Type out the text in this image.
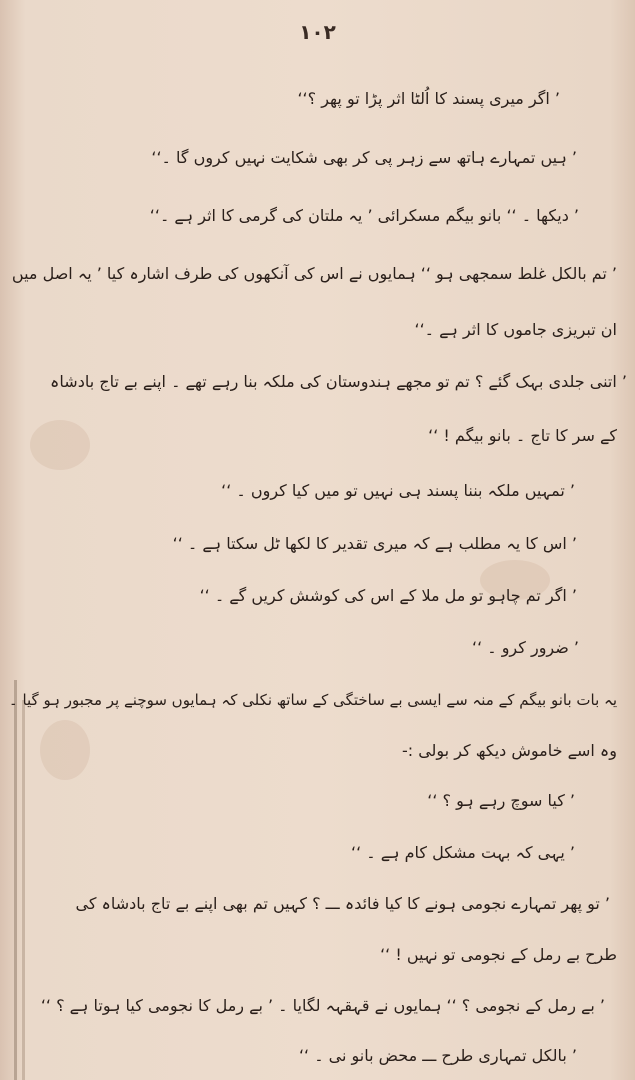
۱۰۲
’ اگر میری پسند کا اُلٹا اثر پڑا تو پھر ؟‘‘
’ ہیں تمہارے ہاتھ سے زہر پی کر بھی شکایت نہیں کروں گا ۔‘‘
’ دیکھا ۔ ‘‘ بانو بیگم مسکرائی ’ یہ ملتان کی گرمی کا اثر ہے ۔‘‘
’ تم بالکل غلط سمجھی ہو ‘‘ ہمایوں نے اس کی آنکھوں کی طرف اشارہ کیا ’ یہ اصل میں
ان تبریزی جاموں کا اثر ہے ۔‘‘
’ اتنی جلدی بہک گئے ؟ تم تو مجھے ہندوستان کی ملکہ بنا رہے تھے ۔ اپنے بے تاج بادشاہ
کے سر کا تاج ۔ بانو بیگم ! ‘‘
’ تمہیں ملکہ بننا پسند ہی نہیں تو میں کیا کروں ۔ ‘‘
’ اس کا یہ مطلب ہے کہ میری تقدیر کا لکھا ٹل سکتا ہے ۔ ‘‘
’ اگر تم چاہو تو مل ملا کے اس کی کوشش کریں گے ۔ ‘‘
’ ضرور کرو ۔ ‘‘
یہ بات بانو بیگم کے منہ سے ایسی بے ساختگی کے ساتھ نکلی کہ ہمایوں سوچنے پر مجبور ہو گیا ۔
وہ اسے خاموش دیکھ کر بولی :-
’ کیا سوچ رہے ہو ؟ ‘‘
’ یہی کہ بہت مشکل کام ہے ۔ ‘‘
’ تو پھر تمہارے نجومی ہونے کا کیا فائدہ ـــ ؟ کہیں تم بھی اپنے بے تاج بادشاہ کی
طرح بے رمل کے نجومی تو نہیں ! ‘‘
’ بے رمل کے نجومی ؟ ‘‘ ہمایوں نے قہقہہ لگایا ۔ ’ بے رمل کا نجومی کیا ہوتا ہے ؟ ‘‘
’ بالکل تمہاری طرح ـــ محض بانو نی ۔ ‘‘
